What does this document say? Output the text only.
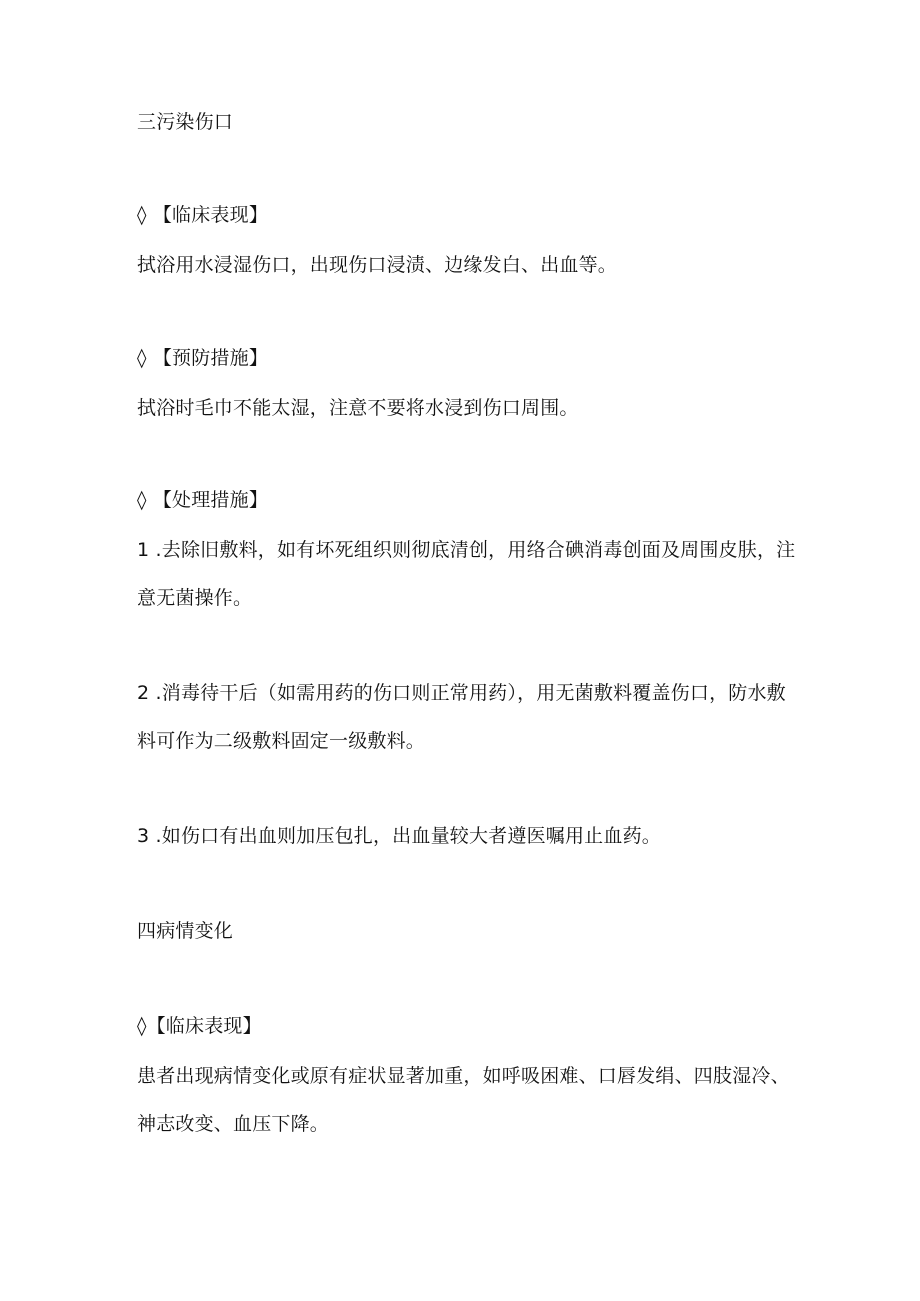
三污染伤口
◊ 【临床表现】
拭浴用水浸湿伤口，出现伤口浸渍、边缘发白、出血等。
◊ 【预防措施】
拭浴时毛巾不能太湿，注意不要将水浸到伤口周围。
◊ 【处理措施】
1 .去除旧敷料，如有坏死组织则彻底清创，用络合碘消毒创面及周围皮肤，注
意无菌操作。
2 .消毒待干后（如需用药的伤口则正常用药），用无菌敷料覆盖伤口，防水敷
料可作为二级敷料固定一级敷料。
3 .如伤口有出血则加压包扎，出血量较大者遵医嘱用止血药。
四病情变化
◊【临床表现】
患者出现病情变化或原有症状显著加重，如呼吸困难、口唇发绢、四肢湿冷、
神志改变、血压下降。
